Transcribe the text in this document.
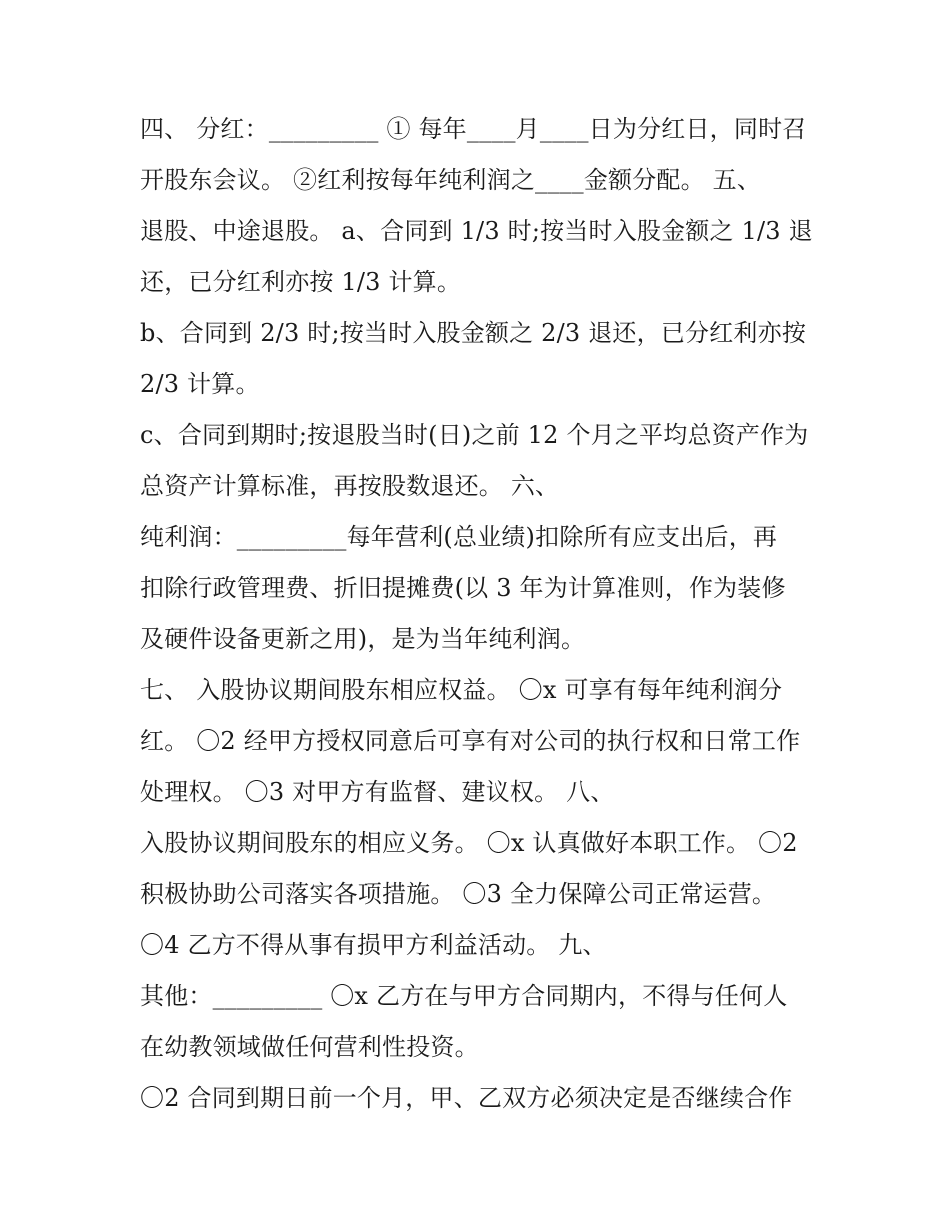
四、 分红：_________ ① 每年____月____日为分红日，同时召
开股东会议。 ②红利按每年纯利润之____金额分配。 五、
退股、中途退股。 a、合同到 1/3 时;按当时入股金额之 1/3 退
还，已分红利亦按 1/3 计算。
b、合同到 2/3 时;按当时入股金额之 2/3 退还，已分红利亦按
2/3 计算。
c、合同到期时;按退股当时(日)之前 12 个月之平均总资产作为
总资产计算标准，再按股数退还。 六、
纯利润：_________每年营利(总业绩)扣除所有应支出后，再
扣除行政管理费、折旧提摊费(以 3 年为计算准则，作为装修
及硬件设备更新之用)，是为当年纯利润。
七、 入股协议期间股东相应权益。 〇x 可享有每年纯利润分
红。 〇2 经甲方授权同意后可享有对公司的执行权和日常工作
处理权。 〇3 对甲方有监督、建议权。 八、
入股协议期间股东的相应义务。 〇x 认真做好本职工作。 〇2
积极协助公司落实各项措施。 〇3 全力保障公司正常运营。
〇4 乙方不得从事有损甲方利益活动。 九、
其他：_________ 〇x 乙方在与甲方合同期内，不得与任何人
在幼教领域做任何营利性投资。
〇2 合同到期日前一个月，甲、乙双方必须决定是否继续合作
